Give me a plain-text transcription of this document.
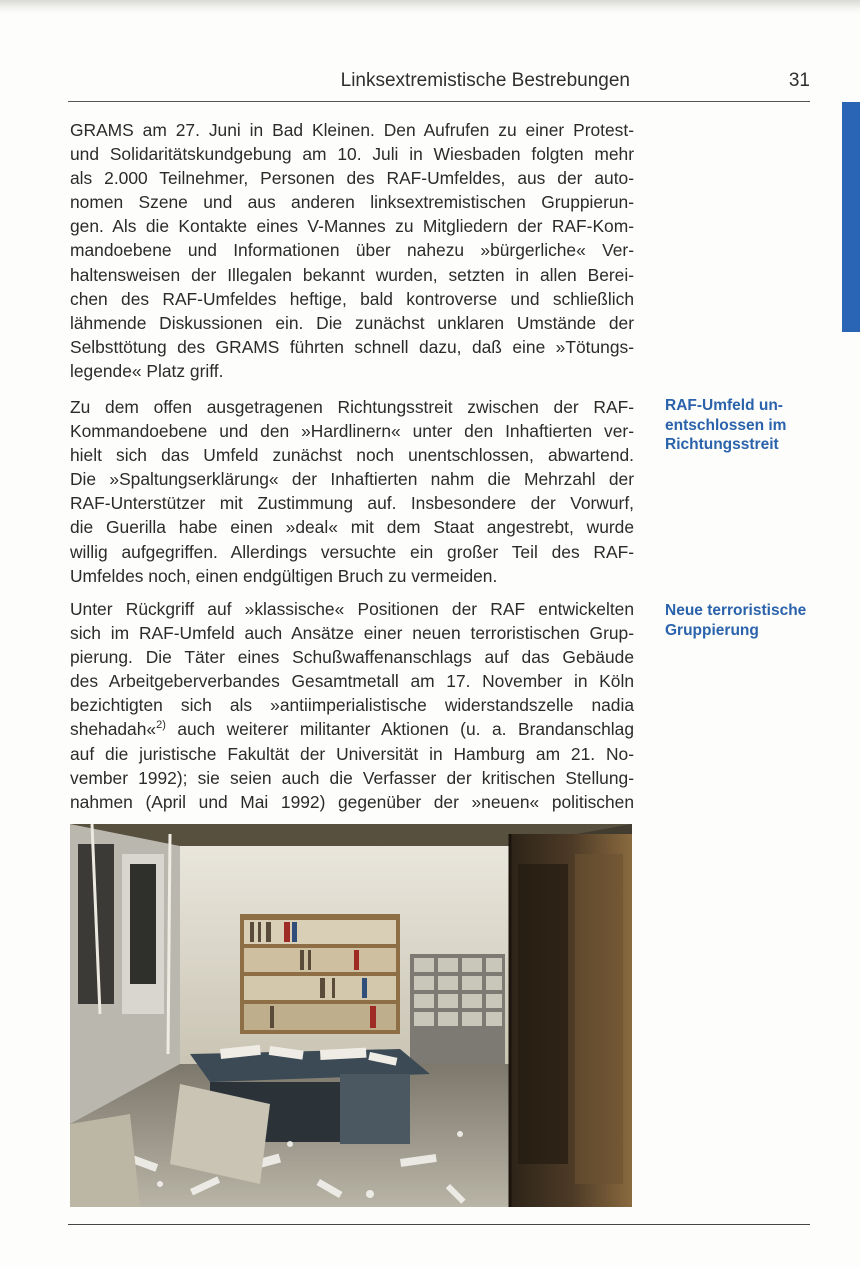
Linksextremistische Bestrebungen	31

GRAMS am 27. Juni in Bad Kleinen. Den Aufrufen zu einer Protest-
und Solidaritätskundgebung am 10. Juli in Wiesbaden folgten mehr
als 2.000 Teilnehmer, Personen des RAF-Umfeldes, aus der auto-
nomen Szene und aus anderen linksextremistischen Gruppierun-
gen. Als die Kontakte eines V-Mannes zu Mitgliedern der RAF-Kom-
mandoebene und Informationen über nahezu »bürgerliche« Ver-
haltensweisen der Illegalen bekannt wurden, setzten in allen Berei-
chen des RAF-Umfeldes heftige, bald kontroverse und schließlich
lähmende Diskussionen ein. Die zunächst unklaren Umstände der
Selbsttötung des GRAMS führten schnell dazu, daß eine »Tötungs-
legende« Platz griff.

Zu dem offen ausgetragenen Richtungsstreit zwischen der RAF-
Kommandoebene und den »Hardlinern« unter den Inhaftierten ver-
hielt sich das Umfeld zunächst noch unentschlossen, abwartend.
Die »Spaltungserklärung« der Inhaftierten nahm die Mehrzahl der
RAF-Unterstützer mit Zustimmung auf. Insbesondere der Vorwurf,
die Guerilla habe einen »deal« mit dem Staat angestrebt, wurde
willig aufgegriffen. Allerdings versuchte ein großer Teil des RAF-
Umfeldes noch, einen endgültigen Bruch zu vermeiden.

Unter Rückgriff auf »klassische« Positionen der RAF entwickelten
sich im RAF-Umfeld auch Ansätze einer neuen terroristischen Grup-
pierung. Die Täter eines Schußwaffenanschlags auf das Gebäude
des Arbeitgeberverbandes Gesamtmetall am 17. November in Köln
bezichtigten sich als »antiimperialistische widerstandszelle nadia
shehadah«$^{2)}$ auch weiterer militanter Aktionen (u. a. Brandanschlag
auf die juristische Fakultät der Universität in Hamburg am 21. No-
vember 1992); sie seien auch die Verfasser der kritischen Stellung-
nahmen (April und Mai 1992) gegenüber der »neuen« politischen

RAF-Umfeld un-
entschlossen im
Richtungsstreit

Neue terroristische
Gruppierung
